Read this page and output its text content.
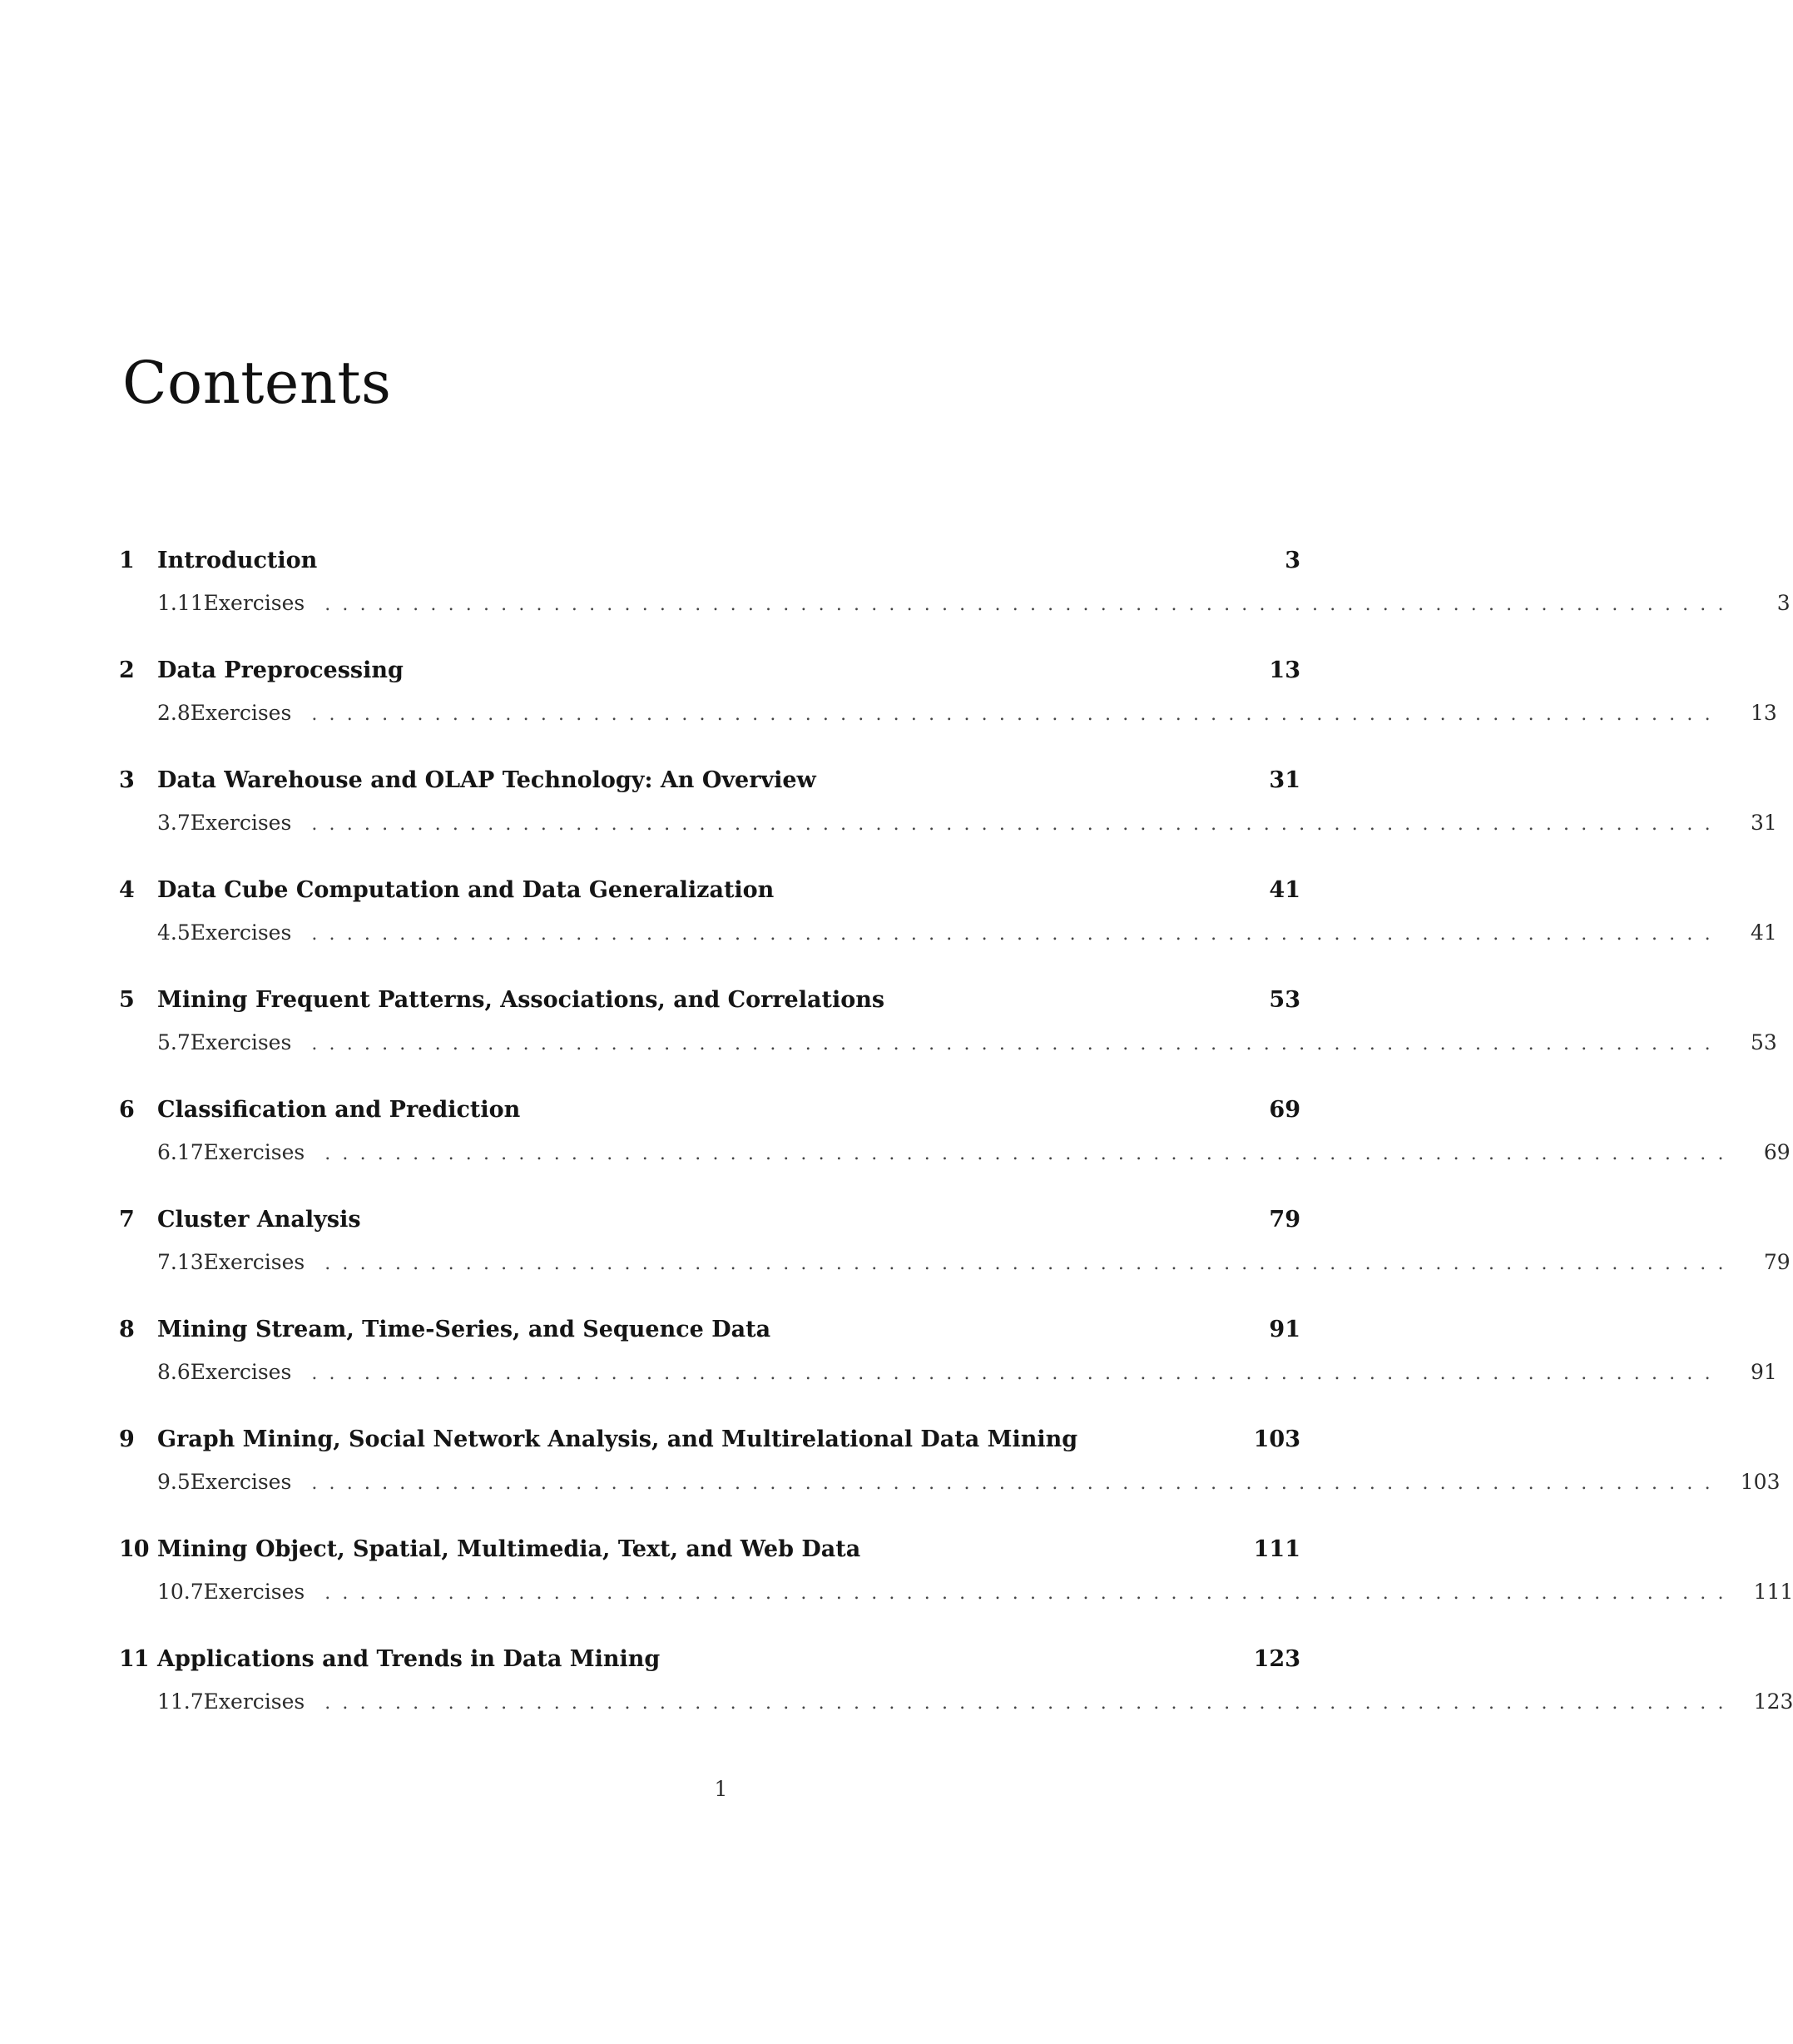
Contents
1	Introduction	3
1.11 Exercises ................................................................................	3
2	Data Preprocessing	13
2.8 Exercises ................................................................................	13
3	Data Warehouse and OLAP Technology: An Overview	31
3.7 Exercises ................................................................................	31
4	Data Cube Computation and Data Generalization	41
4.5 Exercises ................................................................................	41
5	Mining Frequent Patterns, Associations, and Correlations	53
5.7 Exercises ................................................................................	53
6	Classification and Prediction	69
6.17 Exercises ................................................................................	69
7	Cluster Analysis	79
7.13 Exercises ................................................................................	79
8	Mining Stream, Time-Series, and Sequence Data	91
8.6 Exercises ................................................................................	91
9	Graph Mining, Social Network Analysis, and Multirelational Data Mining	103
9.5 Exercises ................................................................................ 103
10 Mining Object, Spatial, Multimedia, Text, and Web Data	111
10.7 Exercises ................................................................................ 111
11 Applications and Trends in Data Mining	123
11.7 Exercises ................................................................................ 123
1
